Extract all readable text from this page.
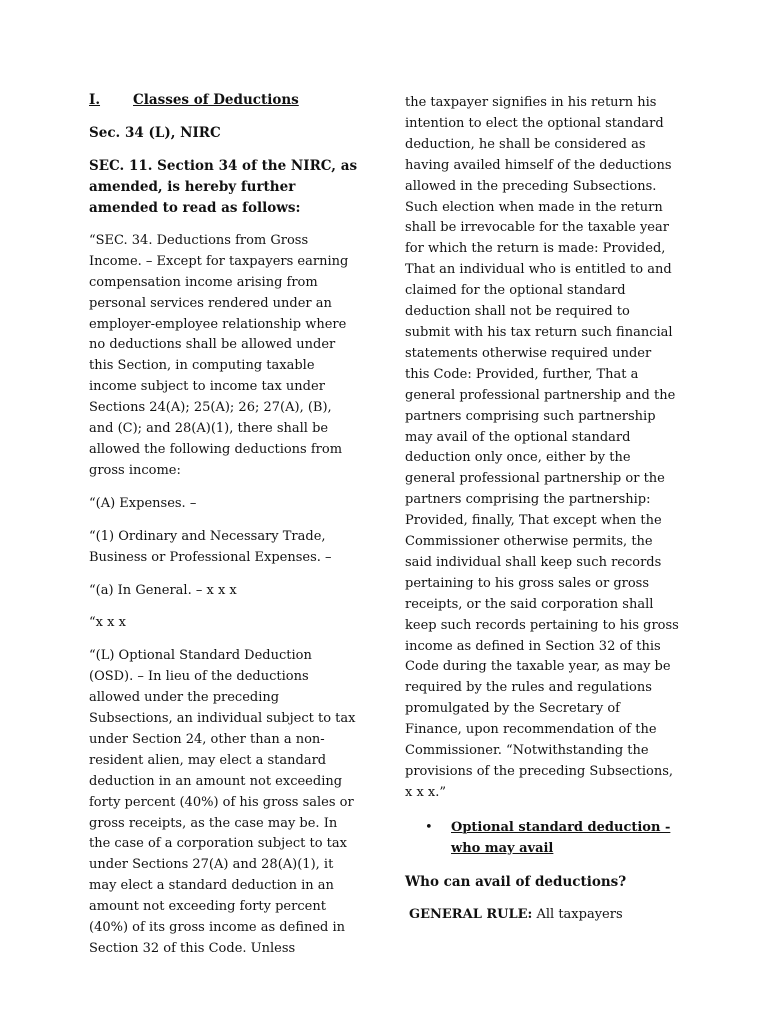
I. Classes of Deductions

Sec. 34 (L), NIRC

SEC. 11. Section 34 of the NIRC, as amended, is hereby further amended to read as follows:

“SEC. 34. Deductions from Gross Income. – Except for taxpayers earning compensation income arising from personal services rendered under an employer-employee relationship where no deductions shall be allowed under this Section, in computing taxable income subject to income tax under Sections 24(A); 25(A); 26; 27(A), (B), and (C); and 28(A)(1), there shall be allowed the following deductions from gross income:

“(A) Expenses. –

“(1) Ordinary and Necessary Trade, Business or Professional Expenses. –

“(a) In General. – x x x

“x x x

“(L) Optional Standard Deduction (OSD). – In lieu of the deductions allowed under the preceding Subsections, an individual subject to tax under Section 24, other than a non-resident alien, may elect a standard deduction in an amount not exceeding forty percent (40%) of his gross sales or gross receipts, as the case may be. In the case of a corporation subject to tax under Sections 27(A) and 28(A)(1), it may elect a standard deduction in an amount not exceeding forty percent (40%) of its gross income as defined in Section 32 of this Code. Unless

the taxpayer signifies in his return his intention to elect the optional standard deduction, he shall be considered as having availed himself of the deductions allowed in the preceding Subsections. Such election when made in the return shall be irrevocable for the taxable year for which the return is made: Provided, That an individual who is entitled to and claimed for the optional standard deduction shall not be required to submit with his tax return such financial statements otherwise required under this Code: Provided, further, That a general professional partnership and the partners comprising such partnership may avail of the optional standard deduction only once, either by the general professional partnership or the partners comprising the partnership: Provided, finally, That except when the Commissioner otherwise permits, the said individual shall keep such records pertaining to his gross sales or gross receipts, or the said corporation shall keep such records pertaining to his gross income as defined in Section 32 of this Code during the taxable year, as may be required by the rules and regulations promulgated by the Secretary of Finance, upon recommendation of the Commissioner. “Notwithstanding the provisions of the preceding Subsections, x x x.”

•	Optional standard deduction - who may avail

Who can avail of deductions?

GENERAL RULE: All taxpayers
